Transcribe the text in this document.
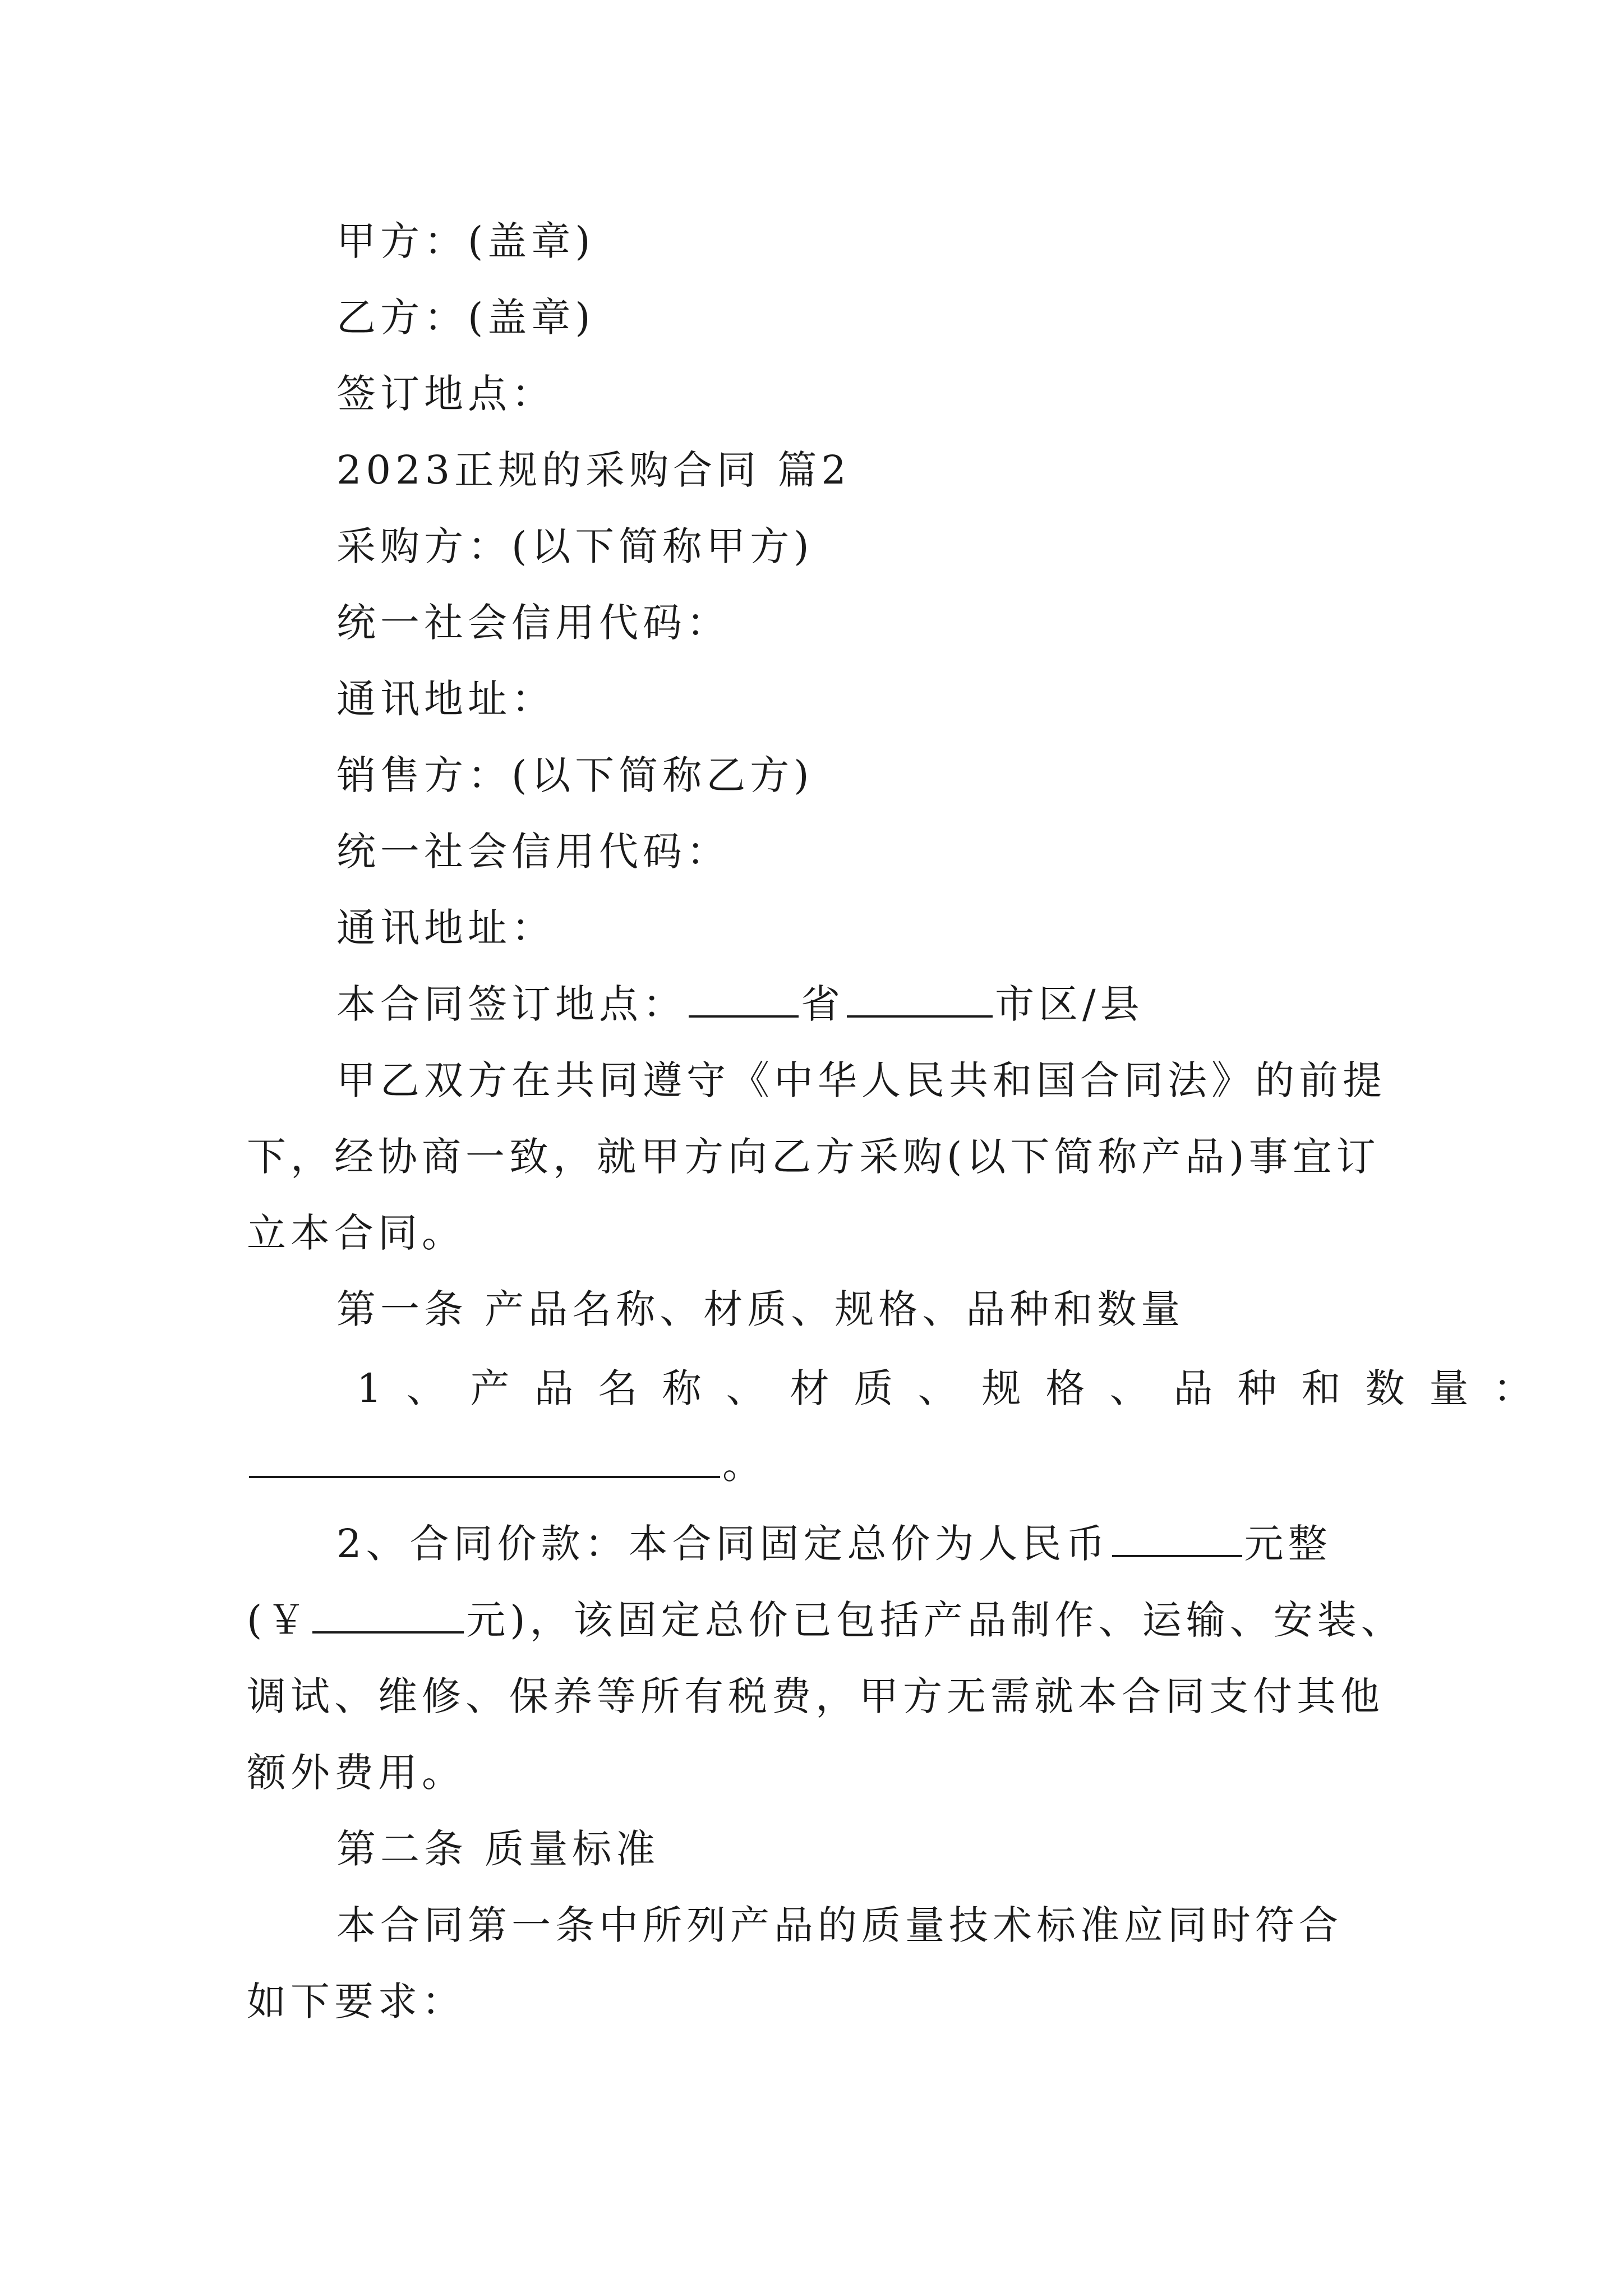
甲方：(盖章)
乙方：(盖章)
签订地点：
2023正规的采购合同 篇2
采购方：(以下简称甲方)
统一社会信用代码：
通讯地址：
销售方：(以下简称乙方)
统一社会信用代码：
通讯地址：
本合同签订地点：	省	市区/县
甲乙双方在共同遵守《中华人民共和国合同法》的前提
下，经协商一致，就甲方向乙方采购(以下简称产品)事宜订
立本合同。
第一条 产品名称、材质、规格、品种和数量
1、产品名称、材质、规格、品种和数量：
。
2、合同价款：本合同固定总价为人民币	元整
(￥	元)，该固定总价已包括产品制作、运输、安装、
调试、维修、保养等所有税费，甲方无需就本合同支付其他
额外费用。
第二条 质量标准
本合同第一条中所列产品的质量技术标准应同时符合
如下要求：
